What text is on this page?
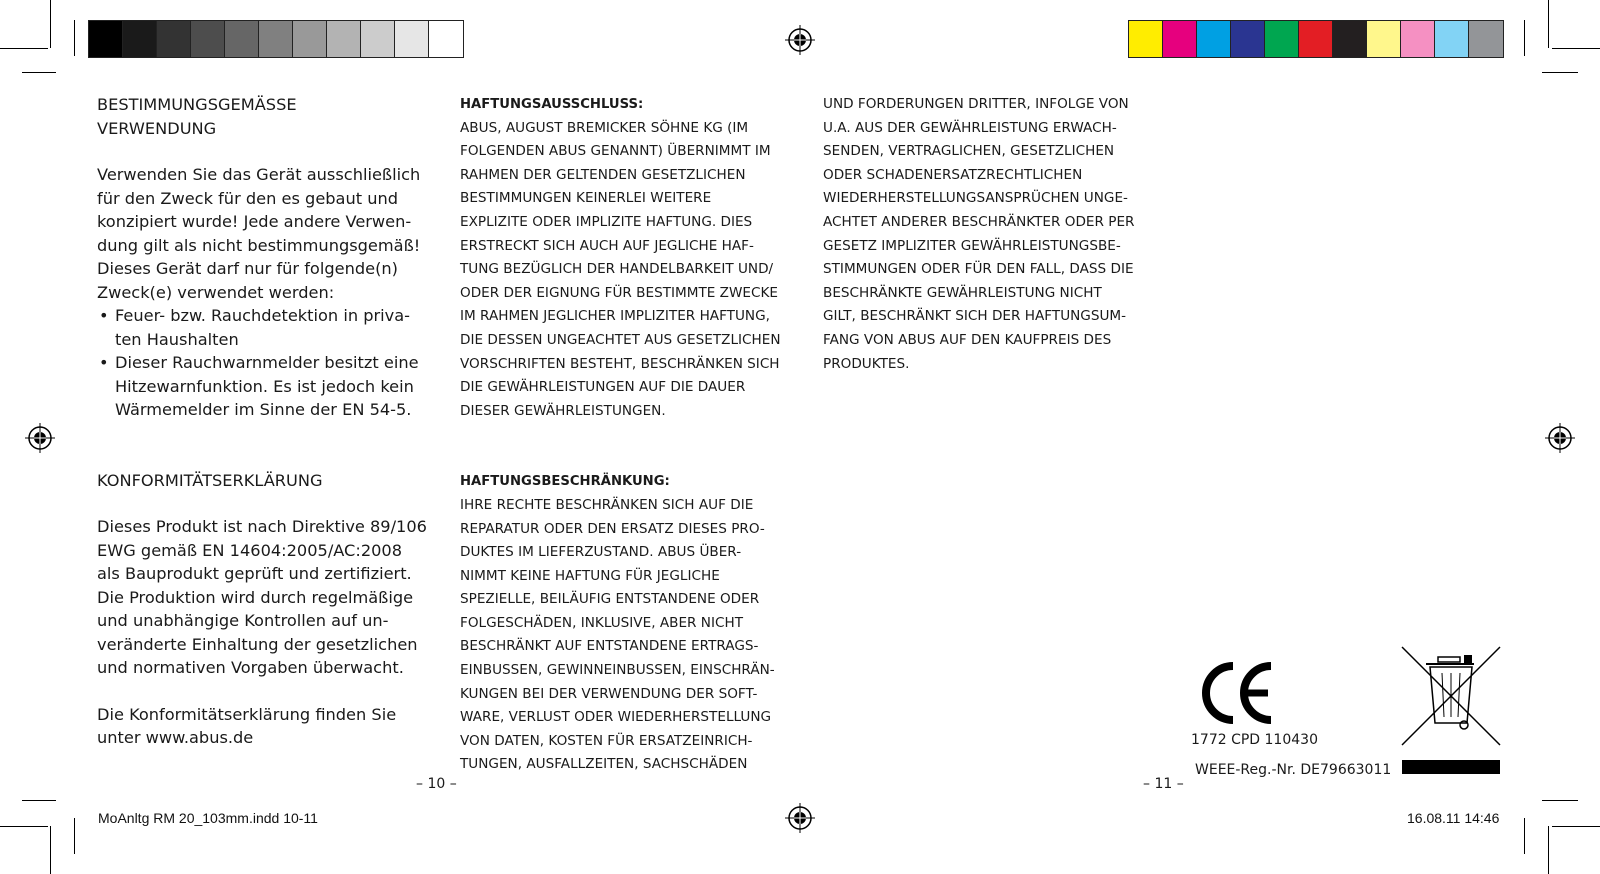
BESTIMMUNGSGEMÄSSE
VERWENDUNG

Verwenden Sie das Gerät ausschließlich
für den Zweck für den es gebaut und
konzipiert wurde! Jede andere Verwen-
dung gilt als nicht bestimmungsgemäß!
Dieses Gerät darf nur für folgende(n)
Zweck(e) verwendet werden:

• Feuer- bzw. Rauchdetektion in priva-
ten Haushalten
• Dieser Rauchwarnmelder besitzt eine
Hitzewarnfunktion. Es ist jedoch kein
Wärmemelder im Sinne der EN 54-5.

KONFORMITÄTSERKLÄRUNG

Dieses Produkt ist nach Direktive 89/106
EWG gemäß EN 14604:2005/AC:2008
als Bauprodukt geprüft und zertifiziert.
Die Produktion wird durch regelmäßige
und unabhängige Kontrollen auf un-
veränderte Einhaltung der gesetzlichen
und normativen Vorgaben überwacht.

Die Konformitätserklärung finden Sie
unter www.abus.de

HAFTUNGSAUSSCHLUSS:

ABUS, AUGUST BREMICKER SÖHNE KG (IM
FOLGENDEN ABUS GENANNT) ÜBERNIMMT IM
RAHMEN DER GELTENDEN GESETZLICHEN
BESTIMMUNGEN KEINERLEI WEITERE
EXPLIZITE ODER IMPLIZITE HAFTUNG. DIES
ERSTRECKT SICH AUCH AUF JEGLICHE HAF-
TUNG BEZÜGLICH DER HANDELBARKEIT UND/
ODER DER EIGNUNG FÜR BESTIMMTE ZWECKE
IM RAHMEN JEGLICHER IMPLIZITER HAFTUNG,
DIE DESSEN UNGEACHTET AUS GESETZLICHEN
VORSCHRIFTEN BESTEHT, BESCHRÄNKEN SICH
DIE GEWÄHRLEISTUNGEN AUF DIE DAUER
DIESER GEWÄHRLEISTUNGEN.

HAFTUNGSBESCHRÄNKUNG:

IHRE RECHTE BESCHRÄNKEN SICH AUF DIE
REPARATUR ODER DEN ERSATZ DIESES PRO-
DUKTES IM LIEFERZUSTAND. ABUS ÜBER-
NIMMT KEINE HAFTUNG FÜR JEGLICHE
SPEZIELLE, BEILÄUFIG ENTSTANDENE ODER
FOLGESCHÄDEN, INKLUSIVE, ABER NICHT
BESCHRÄNKT AUF ENTSTANDENE ERTRAGS-
EINBUSSEN, GEWINNEINBUSSEN, EINSCHRÄN-
KUNGEN BEI DER VERWENDUNG DER SOFT-
WARE, VERLUST ODER WIEDERHERSTELLUNG
VON DATEN, KOSTEN FÜR ERSATZEINRICH-
TUNGEN, AUSFALLZEITEN, SACHSCHÄDEN

UND FORDERUNGEN DRITTER, INFOLGE VON
U.A. AUS DER GEWÄHRLEISTUNG ERWACH-
SENDEN, VERTRAGLICHEN, GESETZLICHEN
ODER SCHADENERSATZRECHTLICHEN
WIEDERHERSTELLUNGSANSPRÜCHEN UNGE-
ACHTET ANDERER BESCHRÄNKTER ODER PER
GESETZ IMPLIZITER GEWÄHRLEISTUNGSBE-
STIMMUNGEN ODER FÜR DEN FALL, DASS DIE
BESCHRÄNKTE GEWÄHRLEISTUNG NICHT
GILT, BESCHRÄNKT SICH DER HAFTUNGSUM-
FANG VON ABUS AUF DEN KAUFPREIS DES
PRODUKTES.

– 10 –	– 11 –
1772 CPD 110430
WEEE-Reg.-Nr. DE79663011
MoAnltg RM 20_103mm.indd 10-11	16.08.11 14:46
